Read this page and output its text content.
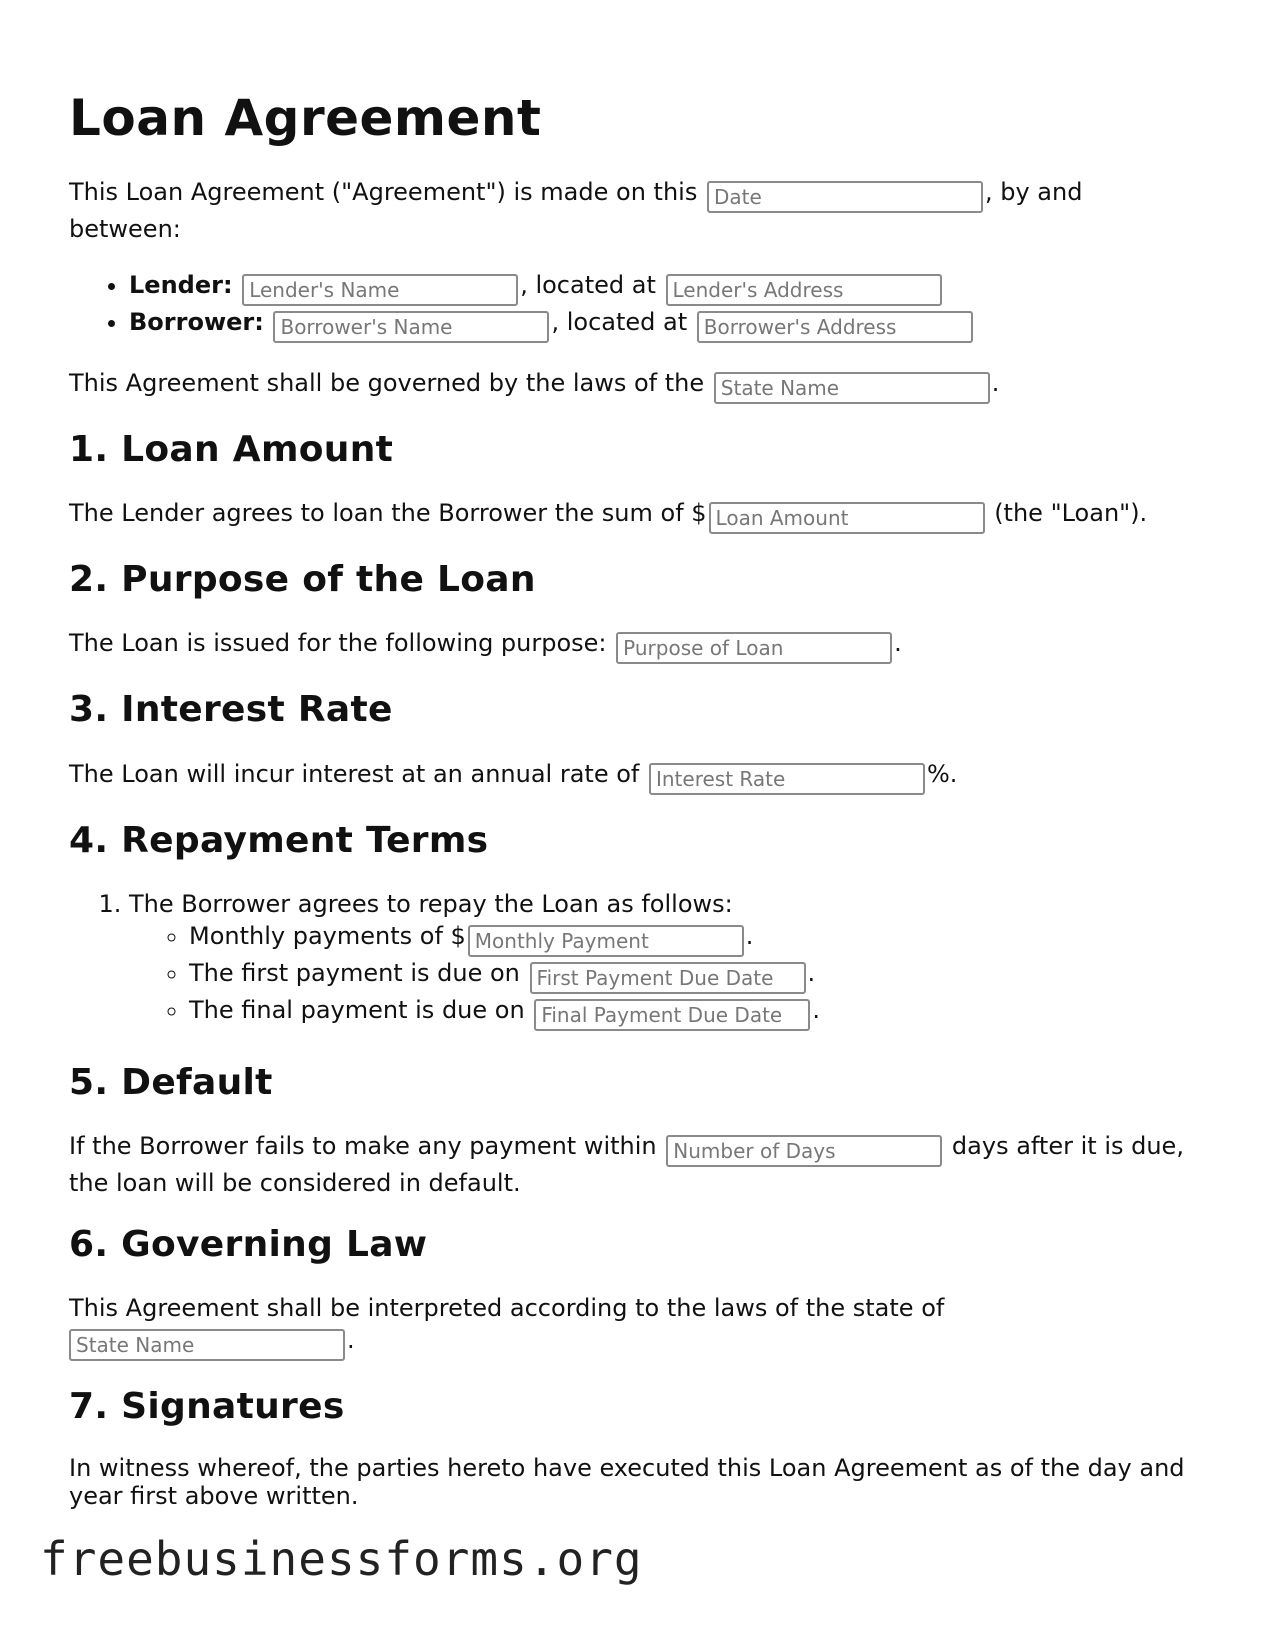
Loan Agreement

This Loan Agreement ("Agreement") is made on this Date	, by and between:

• Lender: Lender's Name	, located at Lender's Address
• Borrower: Borrower's Name	, located at Borrower's Address

This Agreement shall be governed by the laws of the State Name	.

1. Loan Amount

The Lender agrees to loan the Borrower the sum of $Loan Amount	(the "Loan").

2. Purpose of the Loan

The Loan is issued for the following purpose: Purpose of Loan	.

3. Interest Rate

The Loan will incur interest at an annual rate of Interest Rate	%.

4. Repayment Terms
1. The Borrower agrees to repay the Loan as follows:
◦ Monthly payments of $Monthly Payment	.
◦ The first payment is due on First Payment Due Date	.
◦ The final payment is due on Final Payment Due Date	.
5. Default

If the Borrower fails to make any payment within Number of Days	days after it is due, the loan will be considered in default.

6. Governing Law

This Agreement shall be interpreted according to the laws of the state of State Name.

7. Signatures

In witness whereof, the parties hereto have executed this Loan Agreement as of the day and year first above written.

freebusinessforms.org
